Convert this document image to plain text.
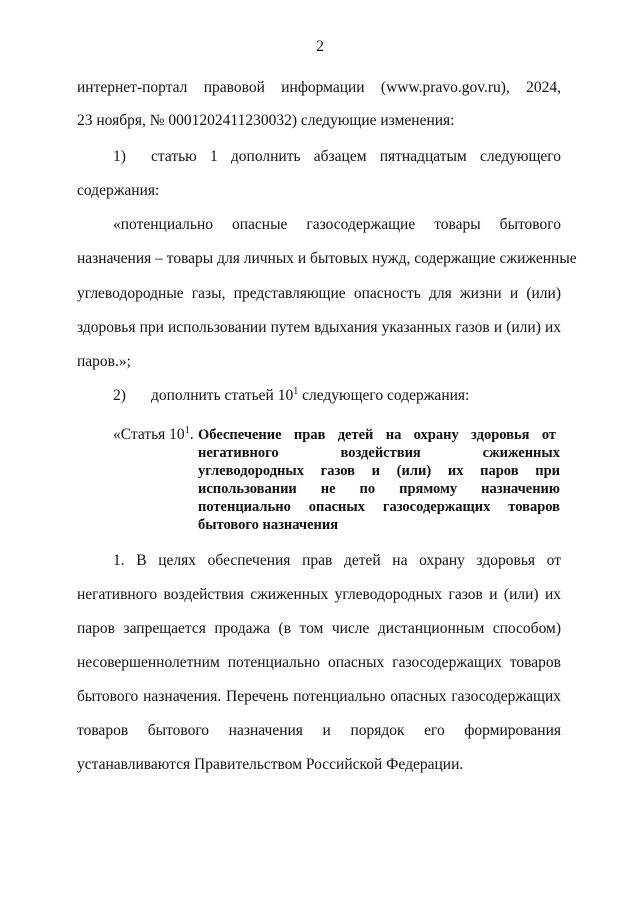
2
интернет-портал правовой информации (www.pravo.gov.ru), 2024,
23 ноября, № 0001202411230032) следующие изменения:
1) статью 1 дополнить абзацем пятнадцатым следующего
содержания:
«потенциально опасные газосодержащие товары бытового
назначения – товары для личных и бытовых нужд, содержащие сжиженные
углеводородные газы, представляющие опасность для жизни и (или)
здоровья при использовании путем вдыхания указанных газов и (или) их
паров.»;
2) дополнить статьей $10^1$ следующего содержания:
«Статья $10^1$. Обеспечение прав детей на охрану здоровья от
негативного воздействия сжиженных
углеводородных газов и (или) их паров при
использовании не по прямому назначению
потенциально опасных газосодержащих товаров
бытового назначения
1. В целях обеспечения прав детей на охрану здоровья от
негативного воздействия сжиженных углеводородных газов и (или) их
паров запрещается продажа (в том числе дистанционным способом)
несовершеннолетним потенциально опасных газосодержащих товаров
бытового назначения. Перечень потенциально опасных газосодержащих
товаров бытового назначения и порядок его формирования
устанавливаются Правительством Российской Федерации.
